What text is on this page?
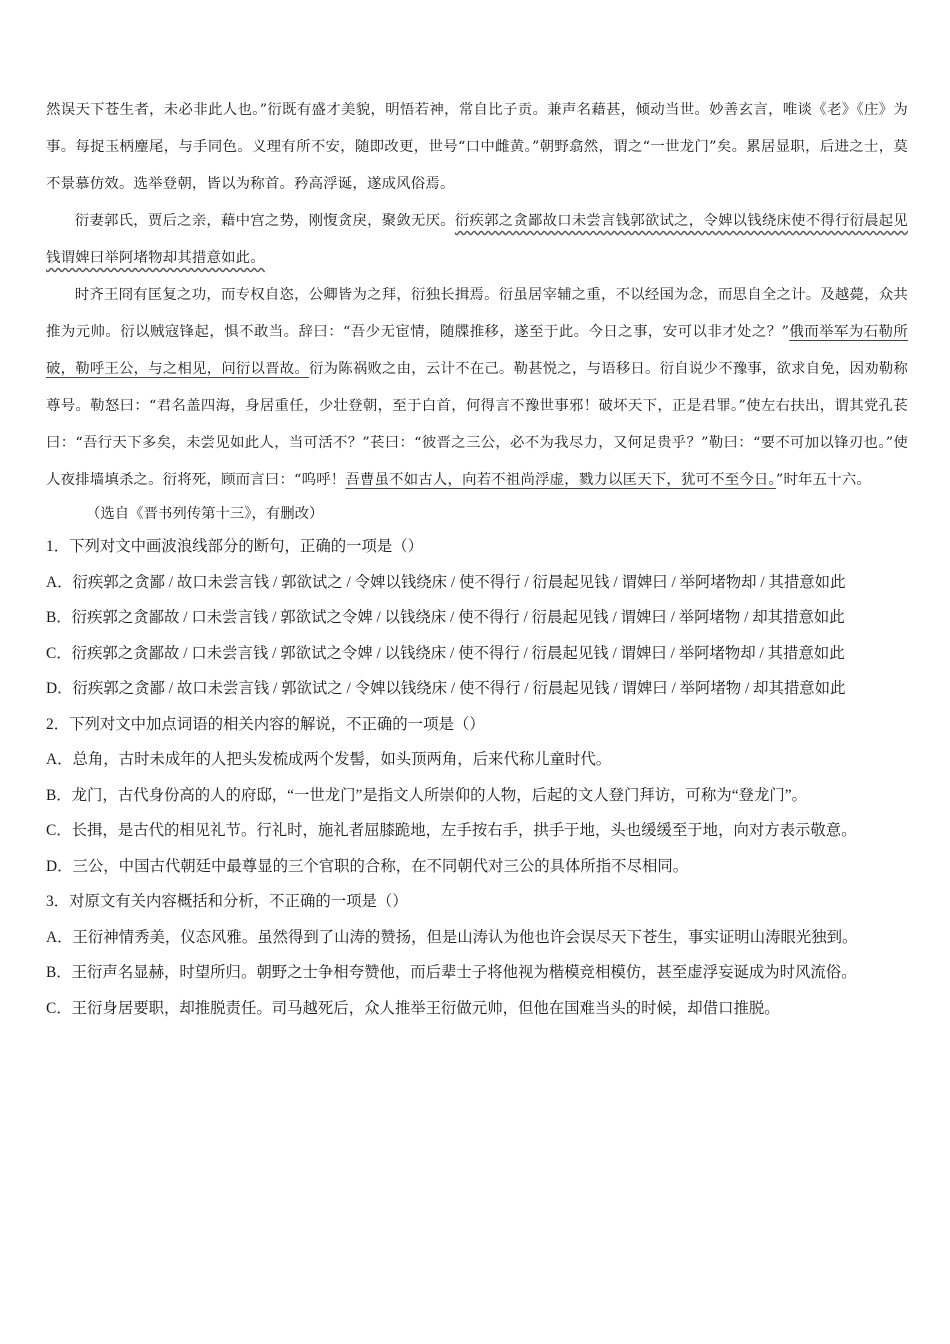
然误天下苍生者，未必非此人也。”衍既有盛才美貌，明悟若神，常自比子贡。兼声名藉甚，倾动当世。妙善玄言，唯谈《老》《庄》为事。每捉玉柄麈尾，与手同色。义理有所不安，随即改更，世号“口中雌黄。”朝野翕然，谓之“一世龙门”矣。累居显职，后进之士，莫不景慕仿效。选举登朝，皆以为称首。矜高浮诞，遂成风俗焉。

衍妻郭氏，贾后之亲，藉中宫之势，刚愎贪戾，聚敛无厌。衍疾郭之贪鄙故口未尝言钱郭欲试之，令婢以钱绕床使不得行衍晨起见钱谓婢曰举阿堵物却其措意如此。

时齐王冏有匡复之功，而专权自恣，公卿皆为之拜，衍独长揖焉。衍虽居宰辅之重，不以经国为念，而思自全之计。及越薨，众共推为元帅。衍以贼寇锋起，惧不敢当。辞曰：“吾少无宦情，随牒推移，遂至于此。今日之事，安可以非才处之？”俄而举军为石勒所破，勒呼王公，与之相见，问衍以晋故。衍为陈祸败之由，云计不在己。勒甚悦之，与语移日。衍自说少不豫事，欲求自免，因劝勒称尊号。勒怒曰：“君名盖四海，身居重任，少壮登朝，至于白首，何得言不豫世事邪！破坏天下，正是君罪。”使左右扶出，谓其党孔苌曰：“吾行天下多矣，未尝见如此人，当可活不？”苌曰：“彼晋之三公，必不为我尽力，又何足贵乎？”勒曰：“要不可加以锋刃也。”使人夜排墙填杀之。衍将死，顾而言曰：“呜呼！吾曹虽不如古人，向若不祖尚浮虚，戮力以匡天下，犹可不至今日。”时年五十六。

（选自《晋书列传第十三》，有删改）

1．下列对文中画波浪线部分的断句，正确的一项是（）

A．衍疾郭之贪鄙 / 故口未尝言钱 / 郭欲试之 / 令婢以钱绕床 / 使不得行 / 衍晨起见钱 / 谓婢曰 / 举阿堵物却 / 其措意如此

B．衍疾郭之贪鄙故 / 口未尝言钱 / 郭欲试之令婢 / 以钱绕床 / 使不得行 / 衍晨起见钱 / 谓婢曰 / 举阿堵物 / 却其措意如此

C．衍疾郭之贪鄙故 / 口未尝言钱 / 郭欲试之令婢 / 以钱绕床 / 使不得行 / 衍晨起见钱 / 谓婢曰 / 举阿堵物却 / 其措意如此

D．衍疾郭之贪鄙 / 故口未尝言钱 / 郭欲试之 / 令婢以钱绕床 / 使不得行 / 衍晨起见钱 / 谓婢曰 / 举阿堵物 / 却其措意如此

2．下列对文中加点词语的相关内容的解说，不正确的一项是（）

A．总角，古时未成年的人把头发梳成两个发髻，如头顶两角，后来代称儿童时代。

B．龙门，古代身份高的人的府邸，“一世龙门”是指文人所崇仰的人物，后起的文人登门拜访，可称为“登龙门”。

C．长揖，是古代的相见礼节。行礼时，施礼者屈膝跪地，左手按右手，拱手于地，头也缓缓至于地，向对方表示敬意。

D．三公，中国古代朝廷中最尊显的三个官职的合称，在不同朝代对三公的具体所指不尽相同。

3．对原文有关内容概括和分析，不正确的一项是（）

A．王衍神情秀美，仪态风雅。虽然得到了山涛的赞扬，但是山涛认为他也许会误尽天下苍生，事实证明山涛眼光独到。

B．王衍声名显赫，时望所归。朝野之士争相夸赞他，而后辈士子将他视为楷模竞相模仿，甚至虚浮妄诞成为时风流俗。

C．王衍身居要职，却推脱责任。司马越死后，众人推举王衍做元帅，但他在国难当头的时候，却借口推脱。
